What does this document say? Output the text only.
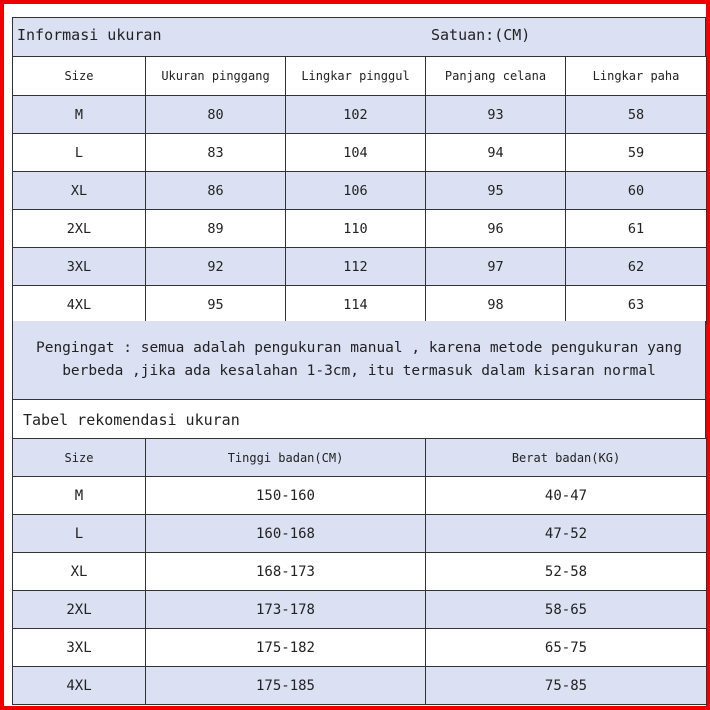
Informasi ukuran	Satuan:(CM)
Size	Ukuran pinggang	Lingkar pinggul	Panjang celana	Lingkar paha
M	80	102	93	58
L	83	104	94	59
XL	86	106	95	60
2XL	89	110	96	61
3XL	92	112	97	62
4XL	95	114	98	63
Pengingat : semua adalah pengukuran manual , karena metode pengukuran yang
berbeda ,jika ada kesalahan 1-3cm, itu termasuk dalam kisaran normal
Tabel rekomendasi ukuran
Size	Tinggi badan(CM)	Berat badan(KG)
M	150-160	40-47
L	160-168	47-52
XL	168-173	52-58
2XL	173-178	58-65
3XL	175-182	65-75
4XL	175-185	75-85
